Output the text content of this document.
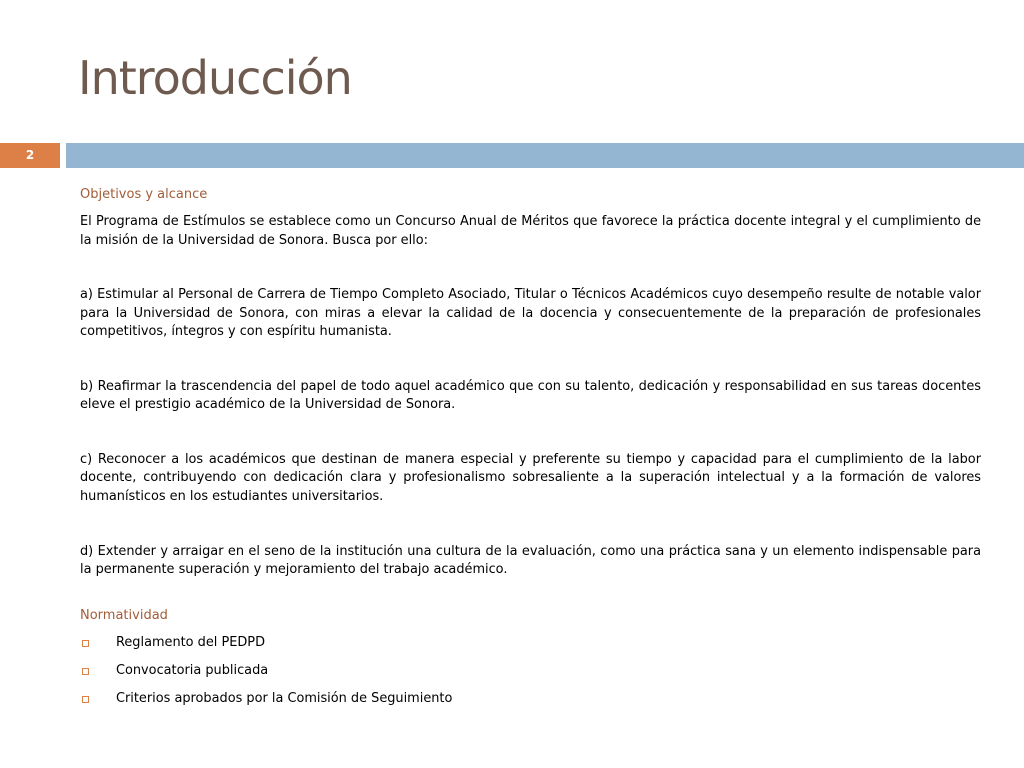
Introducción
2
Objetivos y alcance

El Programa de Estímulos se establece como un Concurso Anual de Méritos que favorece la práctica docente integral y el cumplimiento de la misión de la Universidad de Sonora. Busca por ello:

a) Estimular al Personal de Carrera de Tiempo Completo Asociado, Titular o Técnicos Académicos cuyo desempeño resulte de notable valor para la Universidad de Sonora, con miras a elevar la calidad de la docencia y consecuentemente de la preparación de profesionales competitivos, íntegros y con espíritu humanista.

b) Reafirmar la trascendencia del papel de todo aquel académico que con su talento, dedicación y responsabilidad en sus tareas docentes eleve el prestigio académico de la Universidad de Sonora.

c) Reconocer a los académicos que destinan de manera especial y preferente su tiempo y capacidad para el cumplimiento de la labor docente, contribuyendo con dedicación clara y profesionalismo sobresaliente a la superación intelectual y a la formación de valores humanísticos en los estudiantes universitarios.

d) Extender y arraigar en el seno de la institución una cultura de la evaluación, como una práctica sana y un elemento indispensable para la permanente superación y mejoramiento del trabajo académico.

Normatividad
Reglamento del PEDPD
Convocatoria publicada
Criterios aprobados por la Comisión de Seguimiento
